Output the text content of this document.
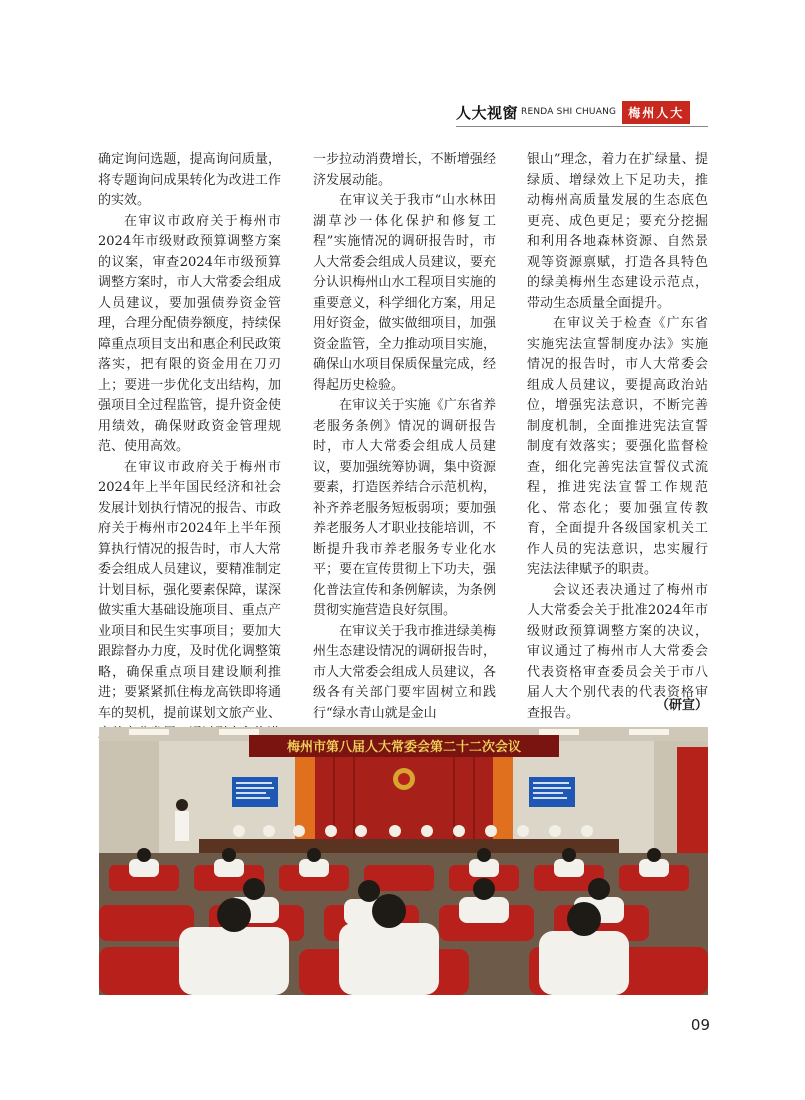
人大视窗 RENDA SHI CHUANG	梅州人大

确定询问选题，提高询问质量，将专题询问成果转化为改进工作的实效。

在审议市政府关于梅州市2024年市级财政预算调整方案的议案，审查2024年市级预算调整方案时，市人大常委会组成人员建议，要加强债券资金管理，合理分配债券额度，持续保障重点项目支出和惠企利民政策落实，把有限的资金用在刀刃上；要进一步优化支出结构，加强项目全过程监管，提升资金使用绩效，确保财政资金管理规范、使用高效。

在审议市政府关于梅州市2024年上半年国民经济和社会发展计划执行情况的报告、市政府关于梅州市2024年上半年预算执行情况的报告时，市人大常委会组成人员建议，要精准制定计划目标，强化要素保障，谋深做实重大基础设施项目、重点产业项目和民生实事项目；要加大跟踪督办力度，及时优化调整策略，确保重点项目建设顺利推进；要紧紧抓住梅龙高铁即将通车的契机，提前谋划文旅产业、

一步拉动消费增长，不断增强经济发展动能。

在审议关于我市“山水林田湖草沙一体化保护和修复工程”实施情况的调研报告时，市人大常委会组成人员建议，要充分认识梅州山水工程项目实施的重要意义，科学细化方案，用足用好资金，做实做细项目，加强资金监管，全力推动项目实施，确保山水项目保质保量完成，经得起历史检验。

在审议关于实施《广东省养老服务条例》情况的调研报告时，市人大常委会组成人员建议，要加强统筹协调，集中资源要素，打造医养结合示范机构，补齐养老服务短板弱项；要加强养老服务人才职业技能培训，不断提升我市养老服务专业化水平；要在宣传贯彻上下功夫，强化普法宣传和条例解读，为条例贯彻实施营造良好氛围。

在审议关于我市推进绿美梅州生态建设情况的调研报告时，市人大常委会组成人员建议，各级各有关部门要牢固树立和践行“绿水青山就是金山

银山”理念，着力在扩绿量、提绿质、增绿效上下足功夫，推动梅州高质量发展的生态底色更亮、成色更足；要充分挖掘和利用各地森林资源、自然景观等资源禀赋，打造各具特色的绿美梅州生态建设示范点，带动生态质量全面提升。

在审议关于检查《广东省实施宪法宣誓制度办法》实施情况的报告时，市人大常委会组成人员建议，要提高政治站位，增强宪法意识，不断完善制度机制，全面推进宪法宣誓制度有效落实；要强化监督检查，细化完善宪法宣誓仪式流程，推进宪法宣誓工作规范化、常态化；要加强宣传教育，全面提升各级国家机关工作人员的宪法意识，忠实履行宪法法律赋予的职责。

会议还表决通过了梅州市人大常委会关于批准2024年市级财政预算调整方案的决议，审议通过了梅州市人大常委会代表资格审查委员会关于市八届人大个别代表的代表资格审查报告。	（研宣）
梅州市第八届人大常委会第二十二次会议
09
